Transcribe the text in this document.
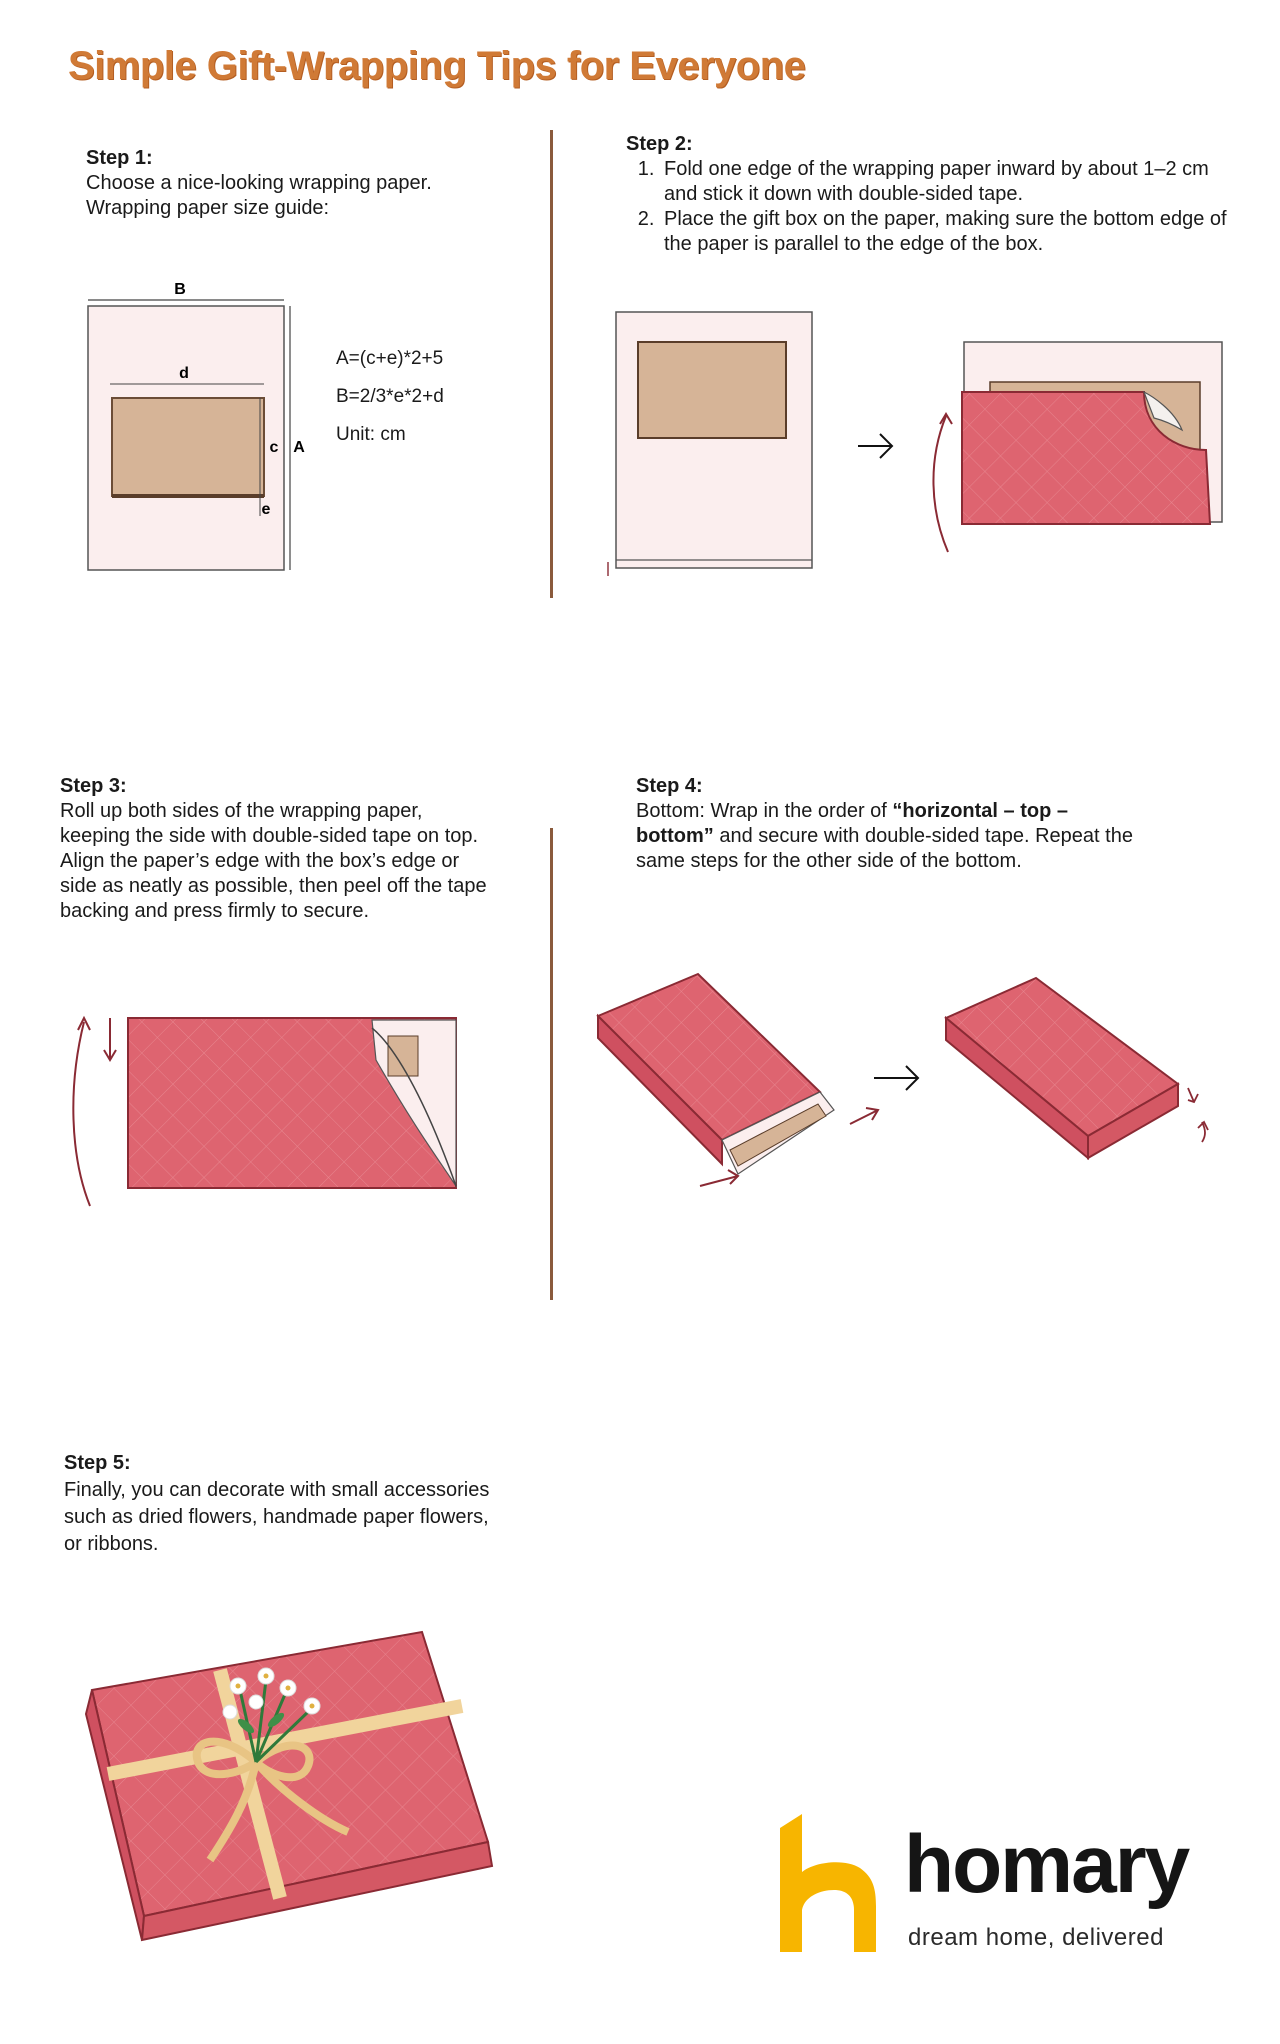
Simple Gift-Wrapping Tips for Everyone
Step 1:
Choose a nice-looking wrapping paper.
Wrapping paper size guide:
B
d
c A
e
A=(c+e)*2+5
B=2/3*e*2+d
Unit: cm
Step 2:
1. Fold one edge of the wrapping paper inward by about 1–2 cm and stick it down with double-sided tape.
2. Place the gift box on the paper, making sure the bottom edge of the paper is parallel to the edge of the box.
Step 3:
Roll up both sides of the wrapping paper,
keeping the side with double-sided tape on top.
Align the paper’s edge with the box’s edge or
side as neatly as possible, then peel off the tape
backing and press firmly to secure.
Step 4:
Bottom: Wrap in the order of “horizontal – top – bottom” and secure with double-sided tape. Repeat the same steps for the other side of the bottom.
Step 5:
Finally, you can decorate with small accessories
such as dried flowers, handmade paper flowers,
or ribbons.
homary
dream home, delivered
